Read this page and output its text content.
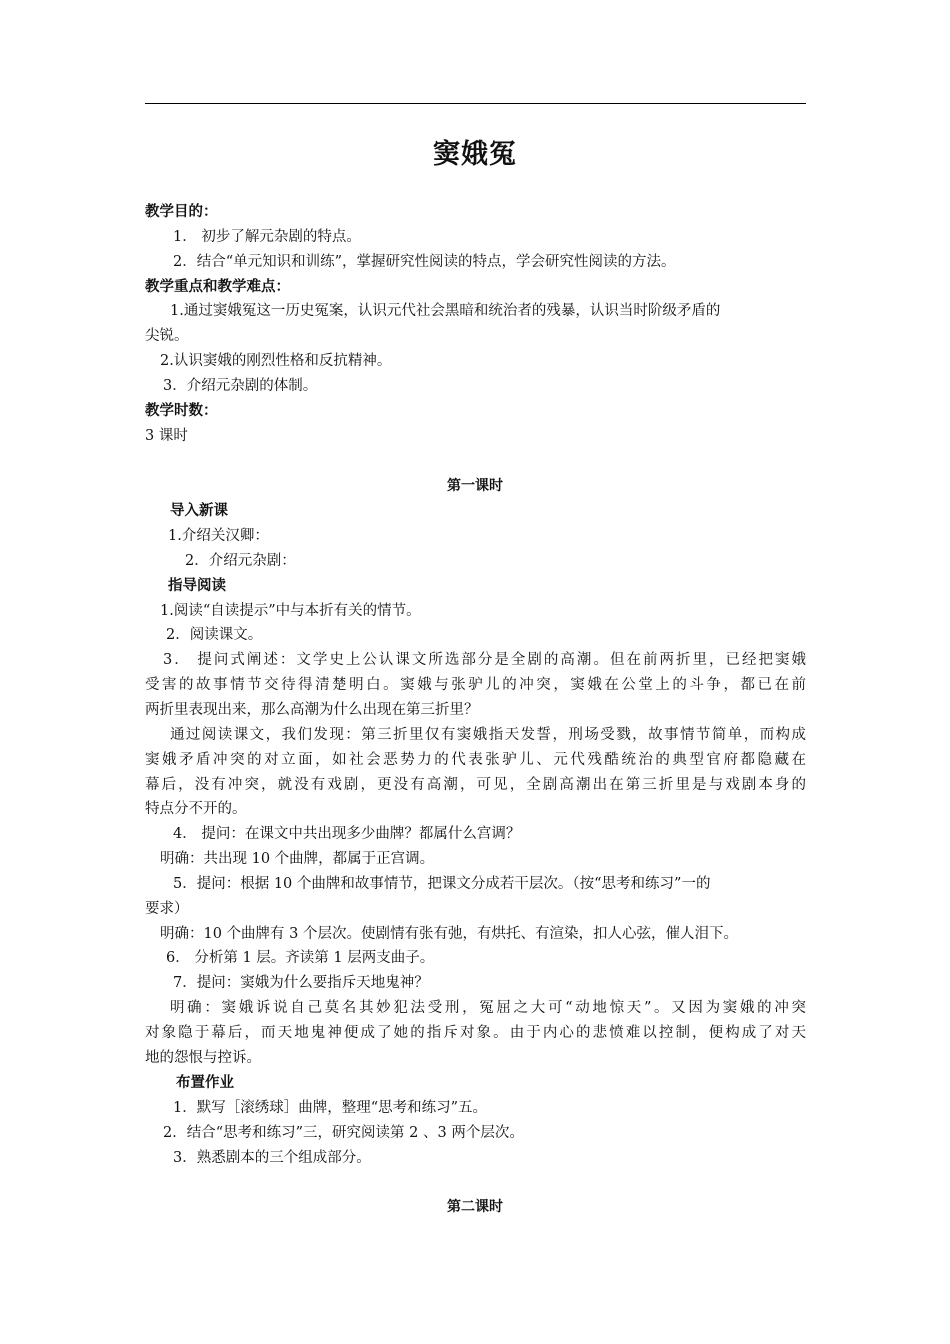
窦娥冤
教学目的：
1． 初步了解元杂剧的特点。
2．结合“单元知识和训练”，掌握研究性阅读的特点，学会研究性阅读的方法。
教学重点和教学难点：
1.通过窦娥冤这一历史冤案，认识元代社会黑暗和统治者的残暴，认识当时阶级矛盾的
尖锐。
2.认识窦娥的刚烈性格和反抗精神。
3．介绍元杂剧的体制。
教学时数：
3 课时
第一课时
导入新课
1.介绍关汉卿：
2．介绍元杂剧：
指导阅读
1.阅读“自读提示”中与本折有关的情节。
2．阅读课文。
3． 提问式阐述：文学史上公认课文所选部分是全剧的高潮。但在前两折里，已经把窦娥
受害的故事情节交待得清楚明白。窦娥与张驴儿的冲突，窦娥在公堂上的斗争，都已在前
两折里表现出来，那么高潮为什么出现在第三折里？
通过阅读课文，我们发现：第三折里仅有窦娥指天发誓，刑场受戮，故事情节简单，而构成
窦娥矛盾冲突的对立面，如社会恶势力的代表张驴儿、元代残酷统治的典型官府都隐藏在
幕后，没有冲突，就没有戏剧，更没有高潮，可见，全剧高潮出在第三折里是与戏剧本身的
特点分不开的。
4． 提问：在课文中共出现多少曲牌？都属什么宫调？
明确：共出现 10 个曲牌，都属于正宫调。
5．提问：根据 10 个曲牌和故事情节，把课文分成若干层次。（按“思考和练习”一的
要求）
明确：10 个曲牌有 3 个层次。使剧情有张有弛，有烘托、有渲染，扣人心弦，催人泪下。
6． 分析第 1 层。齐读第 1 层两支曲子。
7．提问：窦娥为什么要指斥天地鬼神？
明确：窦娥诉说自己莫名其妙犯法受刑，冤屈之大可“动地惊天”。又因为窦娥的冲突
对象隐于幕后，而天地鬼神便成了她的指斥对象。由于内心的悲愤难以控制，便构成了对天
地的怨恨与控诉。
布置作业
1．默写［滚绣球］曲牌，整理“思考和练习”五。
2．结合“思考和练习”三，研究阅读第 2 、3 两个层次。
3．熟悉剧本的三个组成部分。
第二课时
